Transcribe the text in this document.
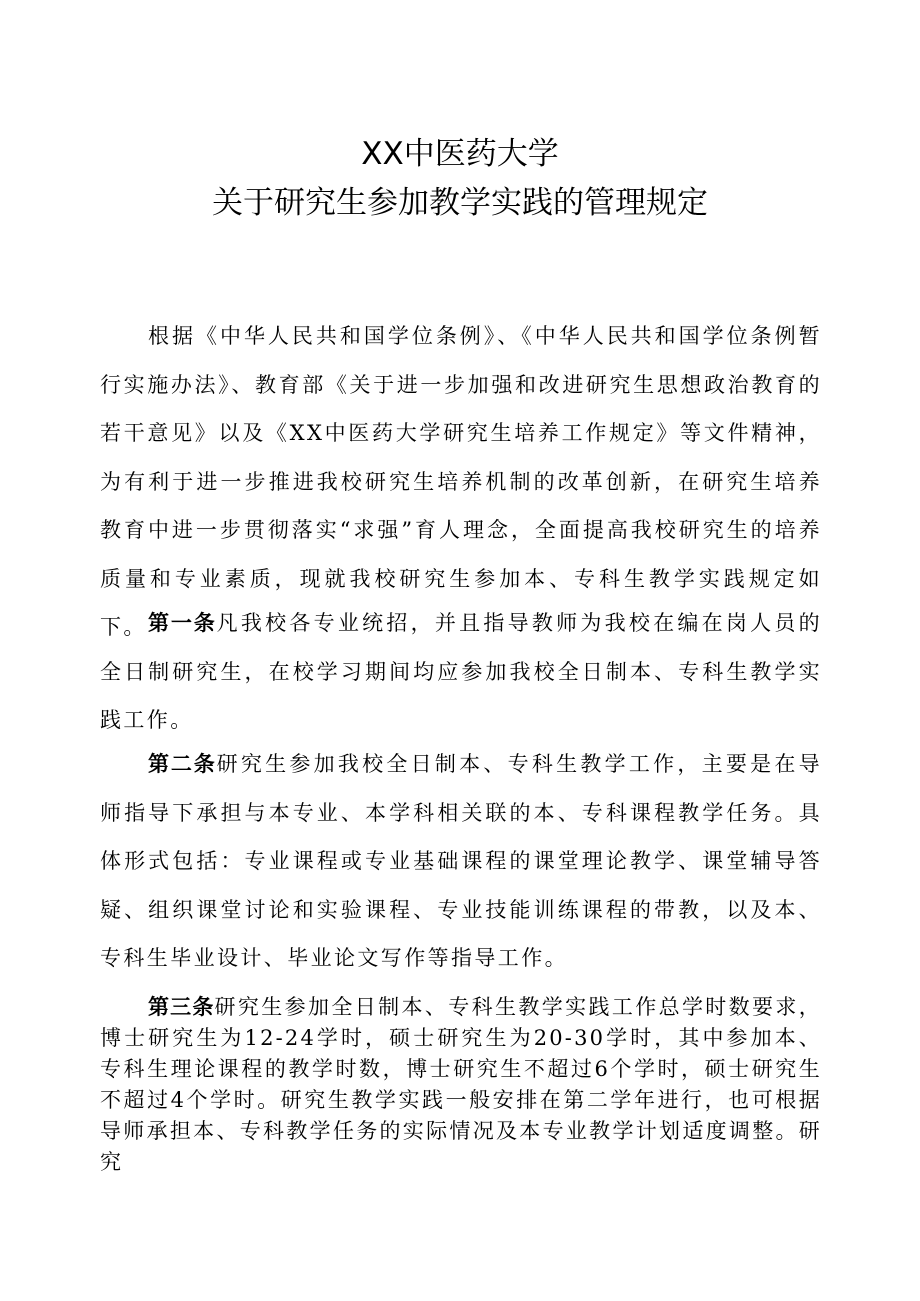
XX中医药大学
关于研究生参加教学实践的管理规定

根据《中华人民共和国学位条例》、《中华人民共和国学位条例暂行实施办法》、教育部《关于进一步加强和改进研究生思想政治教育的若干意见》以及《XX中医药大学研究生培养工作规定》等文件精神，为有利于进一步推进我校研究生培养机制的改革创新，在研究生培养教育中进一步贯彻落实“求强”育人理念，全面提高我校研究生的培养质量和专业素质，现就我校研究生参加本、专科生教学实践规定如下。 第一条凡我校各专业统招，并且指导教师为我校在编在岗人员的全日制研究生，在校学习期间均应参加我校全日制本、专科生教学实践工作。

第二条研究生参加我校全日制本、专科生教学工作，主要是在导师指导下承担与本专业、本学科相关联的本、专科课程教学任务。具体形式包括：专业课程或专业基础课程的课堂理论教学、课堂辅导答疑、组织课堂讨论和实验课程、专业技能训练课程的带教，以及本、专科生毕业设计、毕业论文写作等指导工作。

第三条研究生参加全日制本、专科生教学实践工作总学时数要求，博士研究生为12-24学时，硕士研究生为20-30学时，其中参加本、专科生理论课程的教学时数，博士研究生不超过6个学时，硕士研究生不超过4个学时。研究生教学实践一般安排在第二学年进行，也可根据导师承担本、专科教学任务的实际情况及本专业教学计划适度调整。研究
